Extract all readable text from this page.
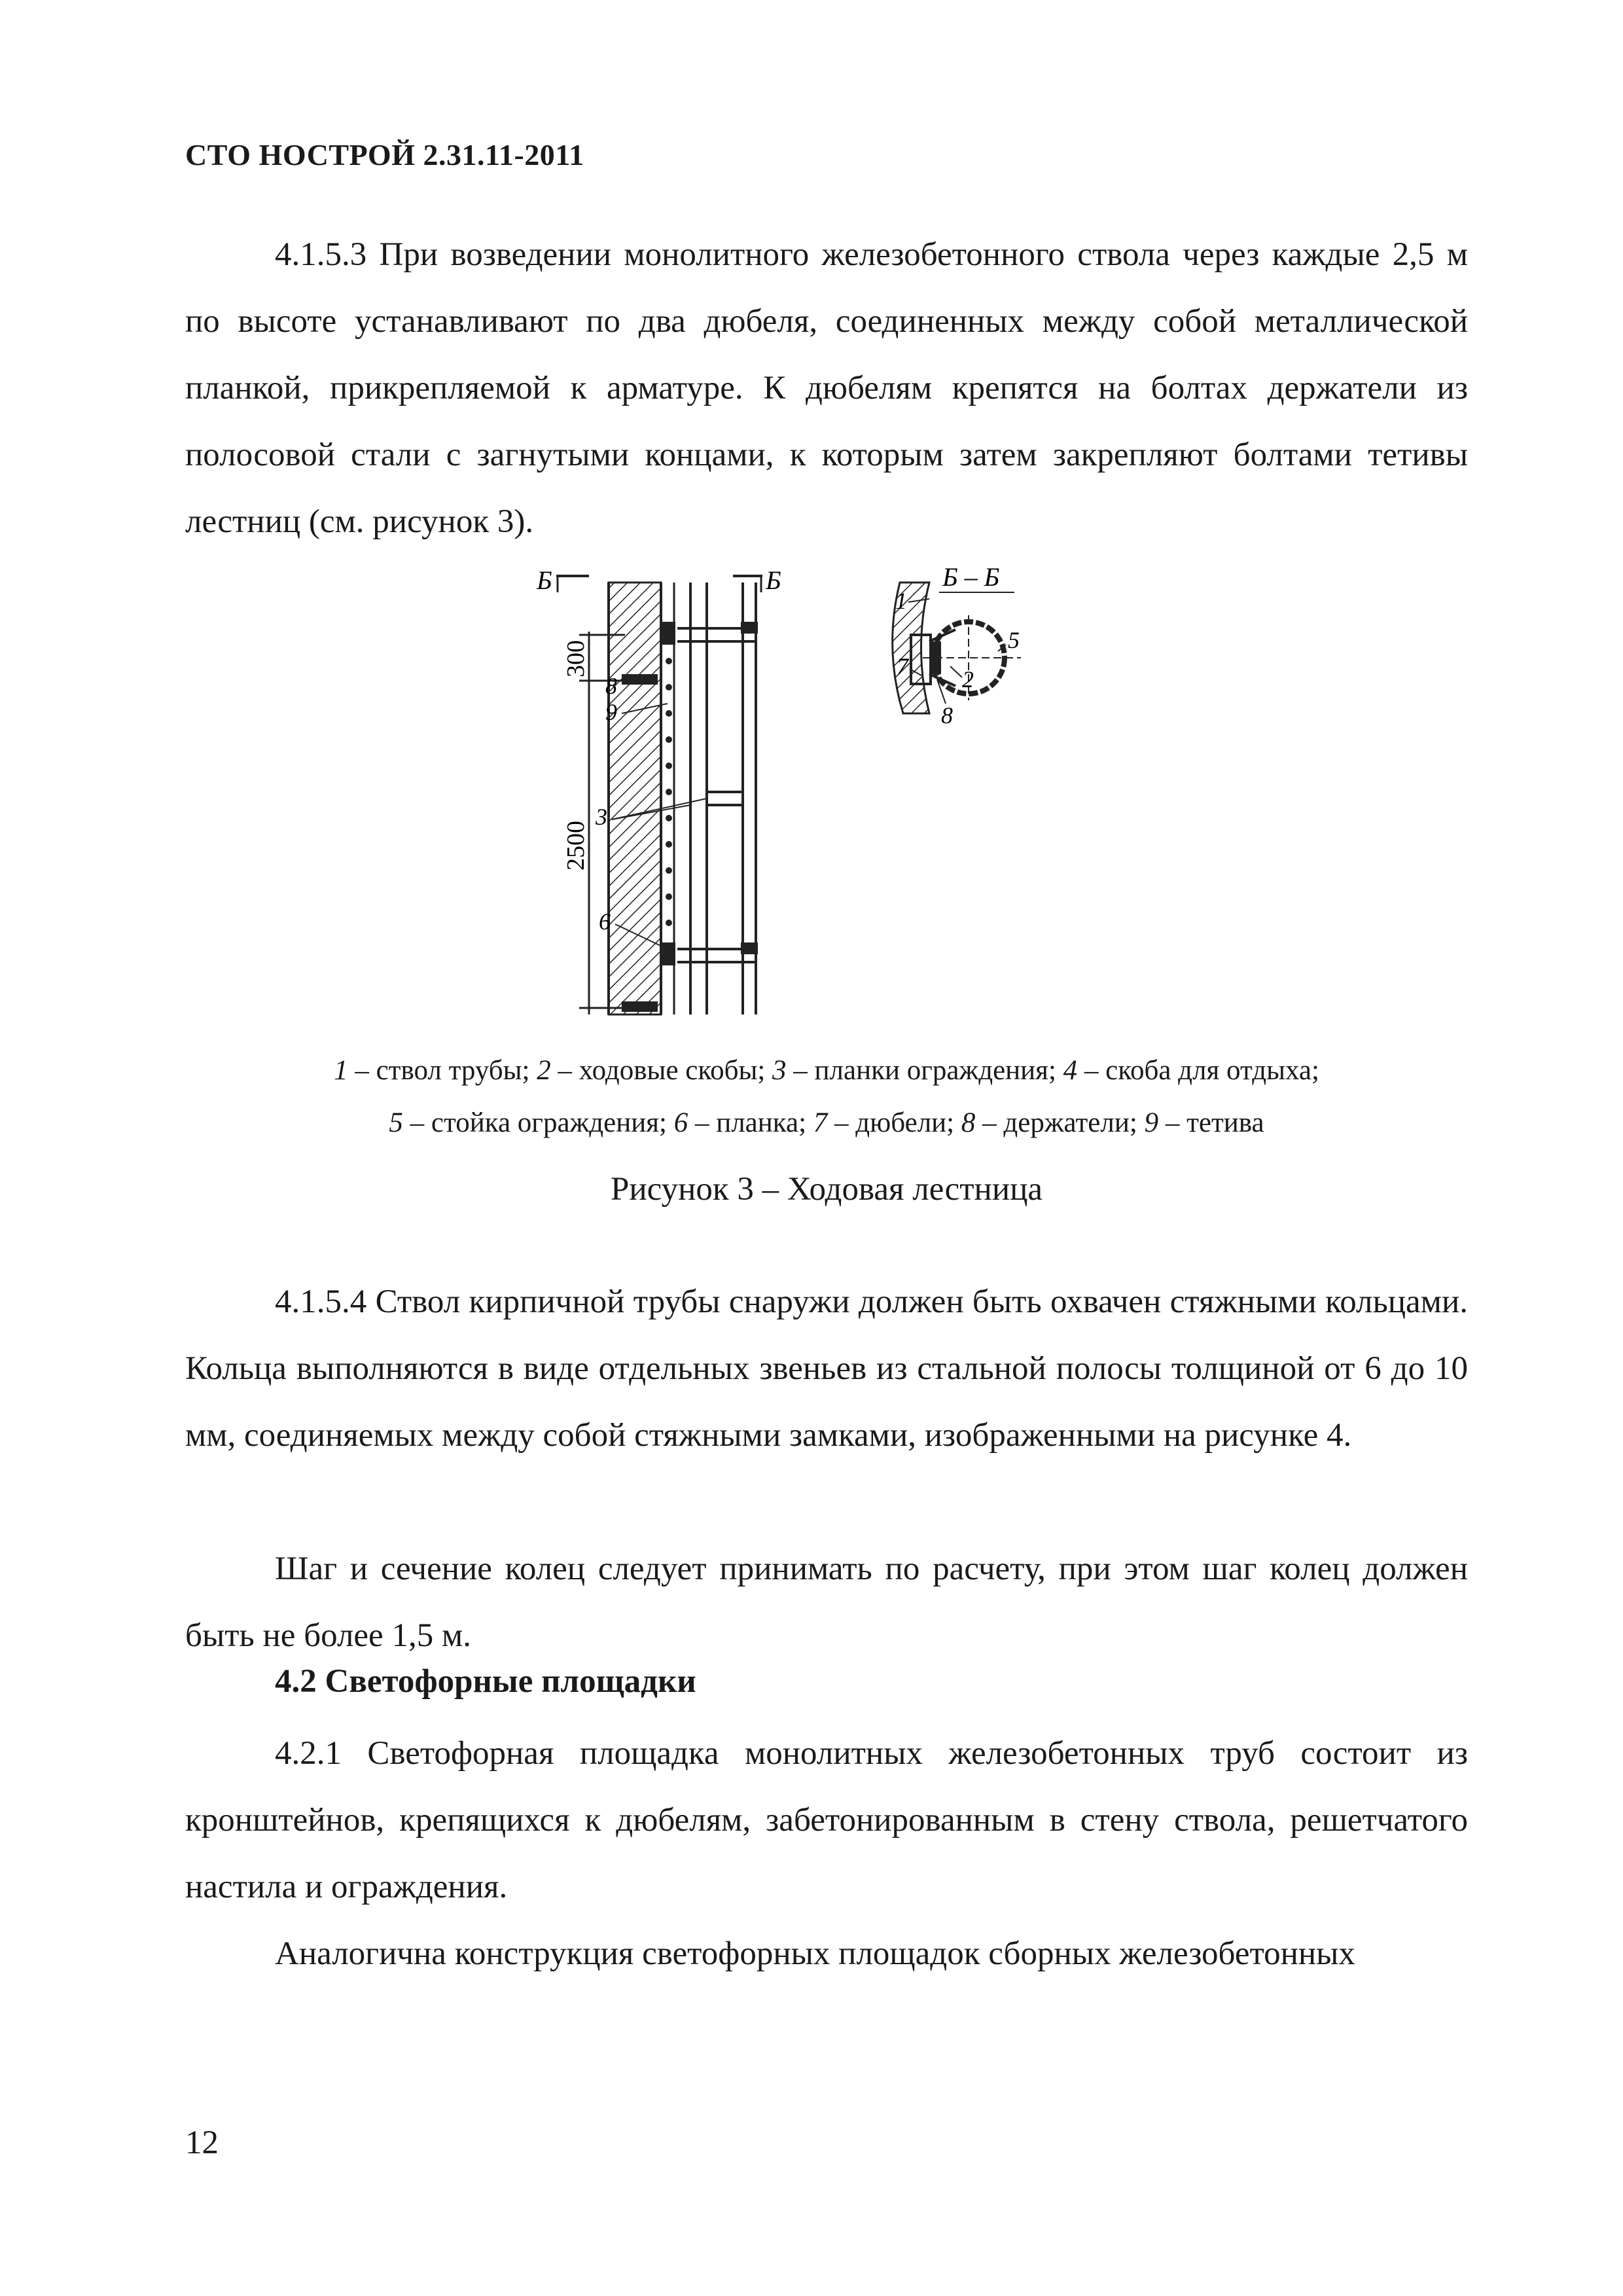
СТО НОСТРОЙ 2.31.11-2011

4.1.5.3 При возведении монолитного железобетонного ствола через каждые 2,5 м по высоте устанавливают по два дюбеля, соединенных между собой металлической планкой, прикрепляемой к арматуре. К дюбелям крепятся на болтах держатели из полосовой стали с загнутыми концами, к которым затем закрепляют болтами тетивы лестниц (см. рисунок 3).

Б	Б
300
2500
8
9
3
6
Б – Б
1
7
5
2
8
1 – ствол трубы; 2 – ходовые скобы; 3 – планки ограждения; 4 – скоба для отдыха;
5 – стойка ограждения; 6 – планка; 7 – дюбели; 8 – держатели; 9 – тетива
Рисунок 3 – Ходовая лестница

4.1.5.4 Ствол кирпичной трубы снаружи должен быть охвачен стяжными кольцами. Кольца выполняются в виде отдельных звеньев из стальной полосы толщиной от 6 до 10 мм, соединяемых между собой стяжными замками, изображенными на рисунке 4.

Шаг и сечение колец следует принимать по расчету, при этом шаг колец должен быть не более 1,5 м.

4.2 Светофорные площадки

4.2.1 Светофорная площадка монолитных железобетонных труб состоит из кронштейнов, крепящихся к дюбелям, забетонированным в стену ствола, решетчатого настила и ограждения.

Аналогична конструкция светофорных площадок сборных железобетонных

12
